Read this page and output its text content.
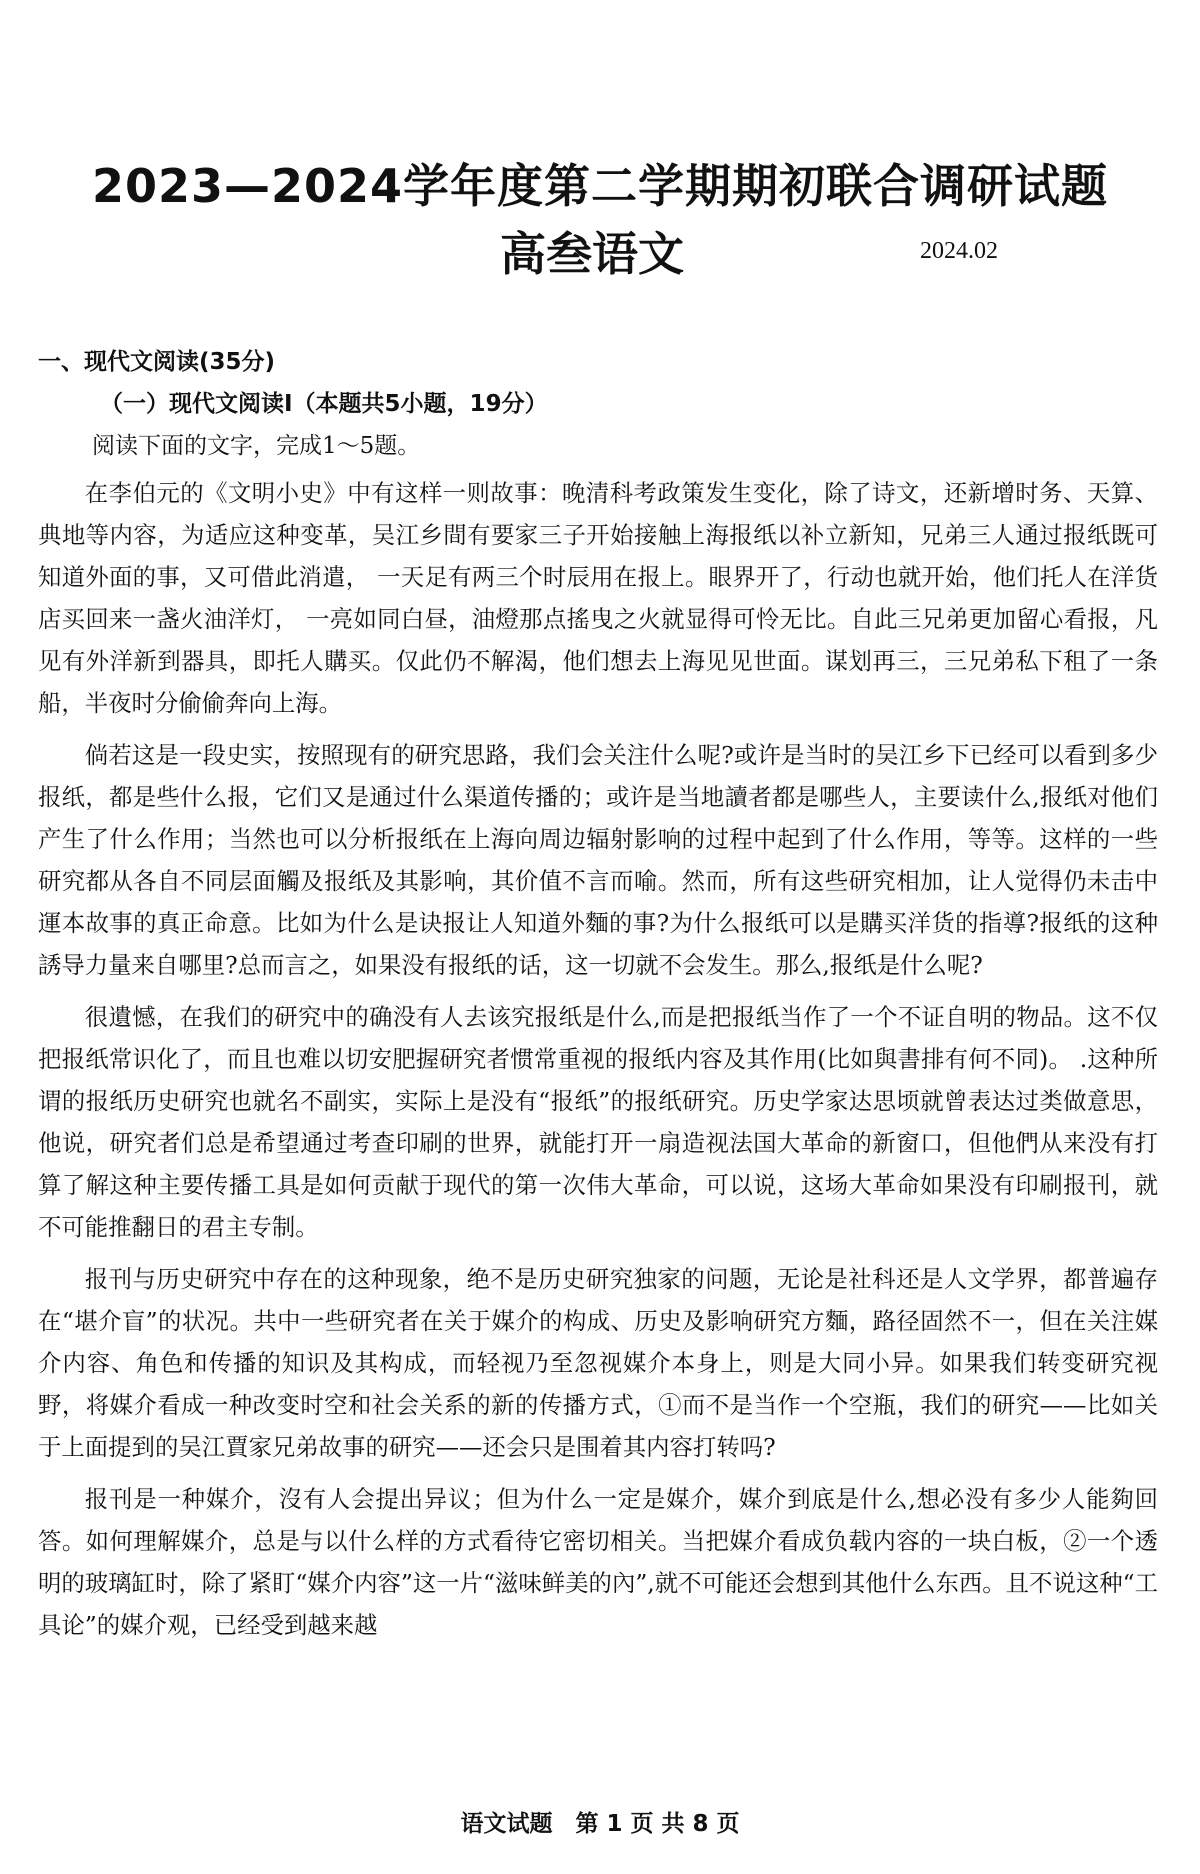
2023—2024学年度第二学期期初联合调研试题
高叁语文	2024.02
一、现代文阅读(35分)
（一）现代文阅读Ⅰ（本题共5小题，19分）
阅读下面的文字，完成1～5题。

在李伯元的《文明小史》中有这样一则故事：晚清科考政策发生变化，除了诗文，还新增时务、天算、典地等内容，为适应这种变革，吴江乡間有要家三子开始接触上海报纸以补立新知，兄弟三人通过报纸既可知道外面的事，又可借此消遣， 一天足有两三个时辰用在报上。眼界开了，行动也就开始，他们托人在洋货店买回来一盏火油洋灯， 一亮如同白昼，油燈那点搖曳之火就显得可怜无比。自此三兄弟更加留心看报，凡见有外洋新到器具，即托人購买。仅此仍不解渴，他们想去上海见见世面。谋划再三，三兄弟私下租了一条船，半夜时分偷偷奔向上海。

倘若这是一段史实，按照现有的研究思路，我们会关注什么呢?或许是当时的吴江乡下已经可以看到多少报纸，都是些什么报，它们又是通过什么渠道传播的；或许是当地讀者都是哪些人，主要读什么,报纸对他们产生了什么作用；当然也可以分析报纸在上海向周边辐射影响的过程中起到了什么作用，等等。这样的一些研究都从各自不同层面觸及报纸及其影响，其价值不言而喻。然而，所有这些研究相加，让人觉得仍未击中運本故事的真正命意。比如为什么是诀报让人知道外麵的事?为什么报纸可以是購买洋货的指導?报纸的这种誘导力量来自哪里?总而言之，如果没有报纸的话，这一切就不会发生。那么,报纸是什么呢?

很遺憾，在我们的研究中的确没有人去该究报纸是什么,而是把报纸当作了一个不证自明的物品。这不仅把报纸常识化了，而且也难以切安肥握研究者惯常重视的报纸内容及其作用(比如與書排有何不同)。 .这种所谓的报纸历史研究也就名不副实，实际上是没有“报纸”的报纸研究。历史学家达思顷就曾表达过类做意思，他说，研究者们总是希望通过考查印刷的世界，就能打开一扇造视法国大革命的新窗口，但他們从来没有打算了解这种主要传播工具是如何贡献于现代的第一次伟大革命，可以说，这场大革命如果没有印刷报刊，就不可能推翻日的君主专制。

报刊与历史研究中存在的这种现象，绝不是历史研究独家的问题，无论是社科还是人文学界，都普遍存在“堪介盲”的状况。共中一些研究者在关于媒介的构成、历史及影响研究方麵，路径固然不一，但在关注媒介内容、角色和传播的知识及其构成，而轻视乃至忽视媒介本身上，则是大同小异。如果我们转变研究视野，将媒介看成一种改变时空和社会关系的新的传播方式，①而不是当作一个空瓶，我们的研究——比如关于上面提到的吴江賈家兄弟故事的研究——还会只是围着其内容打转吗?

报刊是一种媒介，沒有人会提出异议；但为什么一定是媒介，媒介到底是什么,想必没有多少人能夠回答。如何理解媒介，总是与以什么样的方式看待它密切相关。当把媒介看成负载内容的一块白板，②一个透明的玻璃缸时，除了紧盯“媒介内容”这一片“滋味鲜美的內”,就不可能还会想到其他什么东西。且不说这种“工具论”的媒介观，已经受到越来越

语文试题　第 1 页 共 8 页
